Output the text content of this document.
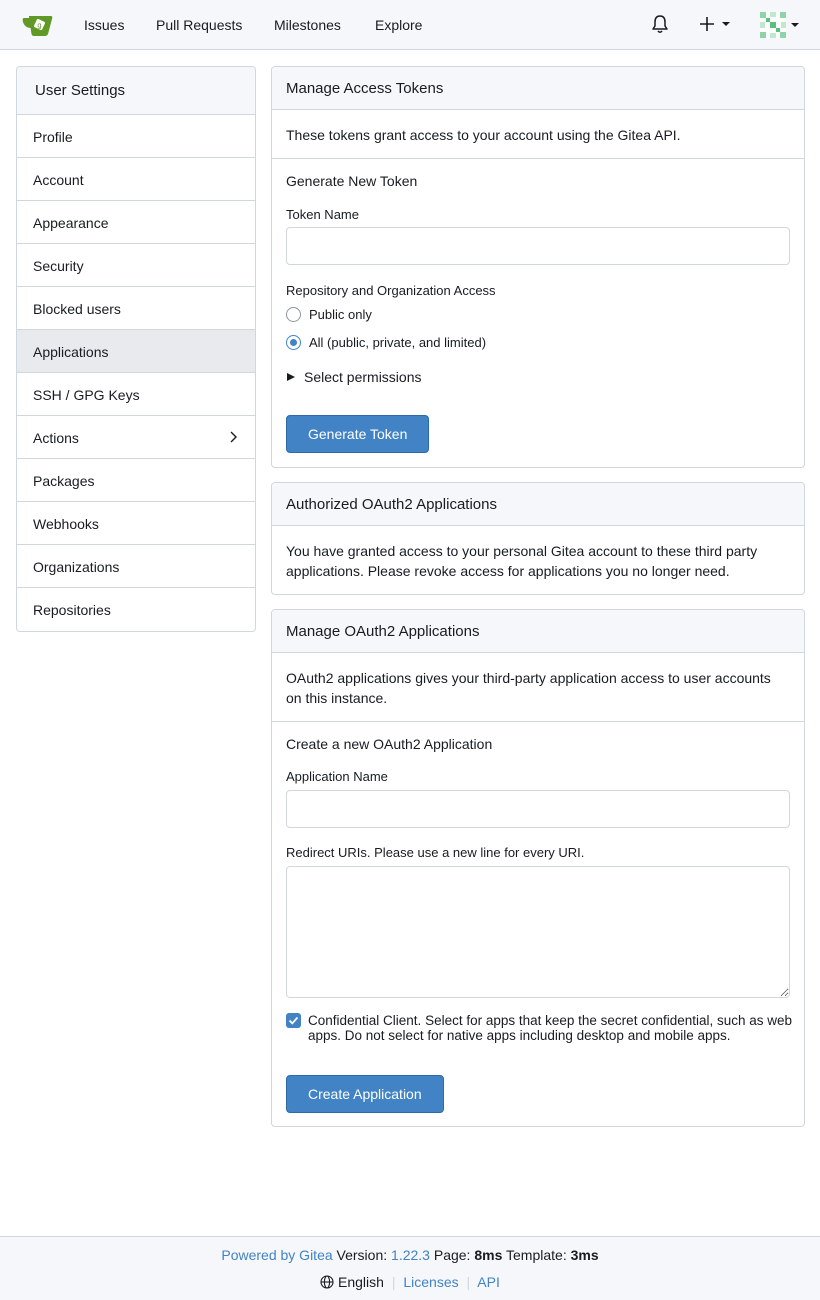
g	Issues Pull Requests Milestones Explore
User Settings
Profile
Account
Appearance
Security
Blocked users
Applications
SSH / GPG Keys
Actions
Packages
Webhooks
Organizations
Repositories
Manage Access Tokens
These tokens grant access to your account using the Gitea API.
Generate New Token
Token Name
Repository and Organization Access
Public only
All (public, private, and limited)
Select permissions
Generate Token
Authorized OAuth2 Applications
You have granted access to your personal Gitea account to these third party applications. Please revoke access for applications you no longer need.
Manage OAuth2 Applications
OAuth2 applications gives your third-party application access to user accounts on this instance.
Create a new OAuth2 Application
Application Name
Redirect URIs. Please use a new line for every URI.
Confidential Client. Select for apps that keep the secret confidential, such as web apps. Do not select for native apps including desktop and mobile apps.
Create Application
Powered by Gitea Version: 1.22.3 Page: 8ms Template: 3ms
English | Licenses | API
